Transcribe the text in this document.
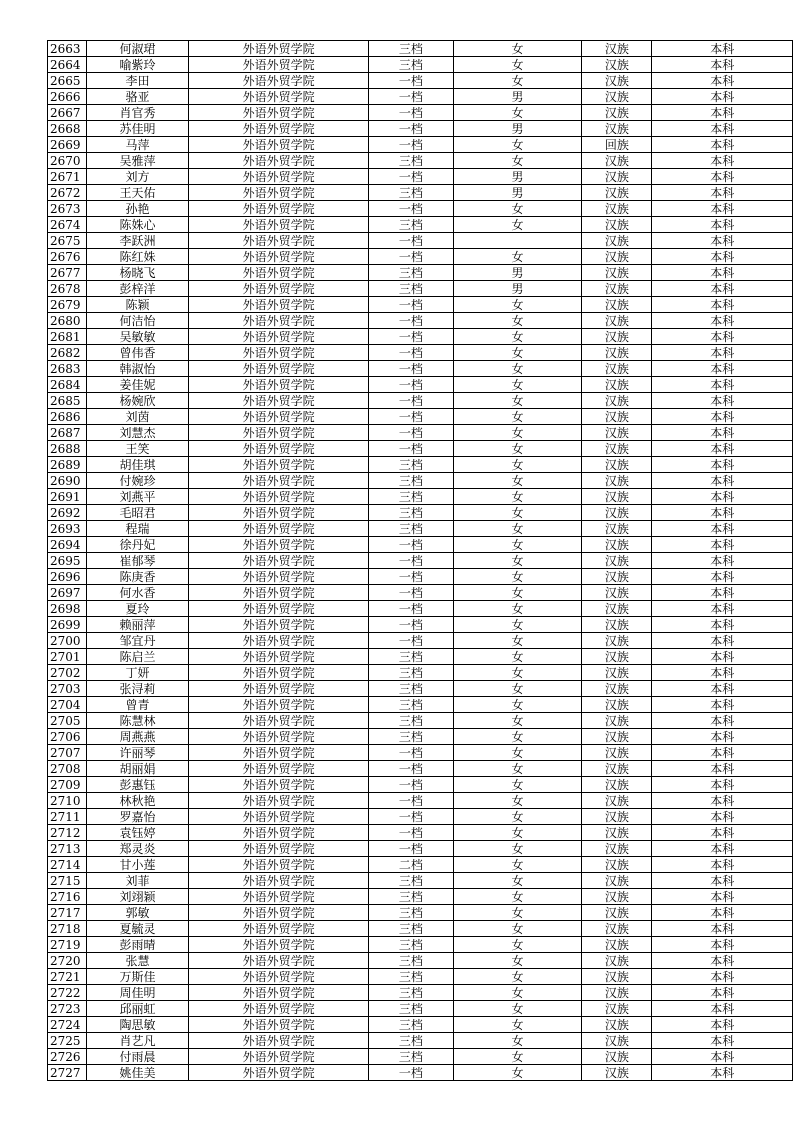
2663	何淑珺	外语外贸学院	三档	女	汉族	本科
2664	喻紫玲	外语外贸学院	三档	女	汉族	本科
2665	李田	外语外贸学院	一档	女	汉族	本科
2666	骆亚	外语外贸学院	一档	男	汉族	本科
2667	肖官秀	外语外贸学院	一档	女	汉族	本科
2668	苏佳明	外语外贸学院	一档	男	汉族	本科
2669	马萍	外语外贸学院	一档	女	回族	本科
2670	吴雅萍	外语外贸学院	三档	女	汉族	本科
2671	刘方	外语外贸学院	一档	男	汉族	本科
2672	王天佑	外语外贸学院	三档	男	汉族	本科
2673	孙艳	外语外贸学院	一档	女	汉族	本科
2674	陈姝心	外语外贸学院	三档	女	汉族	本科
2675	李跃洲	外语外贸学院	一档		汉族	本科
2676	陈红姝	外语外贸学院	一档	女	汉族	本科
2677	杨晓飞	外语外贸学院	三档	男	汉族	本科
2678	彭梓洋	外语外贸学院	三档	男	汉族	本科
2679	陈颖	外语外贸学院	一档	女	汉族	本科
2680	何洁怡	外语外贸学院	一档	女	汉族	本科
2681	吴敏敏	外语外贸学院	一档	女	汉族	本科
2682	曾伟香	外语外贸学院	一档	女	汉族	本科
2683	韩淑怡	外语外贸学院	一档	女	汉族	本科
2684	姜佳妮	外语外贸学院	一档	女	汉族	本科
2685	杨婉欣	外语外贸学院	一档	女	汉族	本科
2686	刘茵	外语外贸学院	一档	女	汉族	本科
2687	刘慧杰	外语外贸学院	一档	女	汉族	本科
2688	王笑	外语外贸学院	一档	女	汉族	本科
2689	胡佳琪	外语外贸学院	三档	女	汉族	本科
2690	付婉珍	外语外贸学院	三档	女	汉族	本科
2691	刘燕平	外语外贸学院	三档	女	汉族	本科
2692	毛昭君	外语外贸学院	三档	女	汉族	本科
2693	程瑞	外语外贸学院	三档	女	汉族	本科
2694	徐丹妃	外语外贸学院	一档	女	汉族	本科
2695	崔郁琴	外语外贸学院	一档	女	汉族	本科
2696	陈庚香	外语外贸学院	一档	女	汉族	本科
2697	何水香	外语外贸学院	一档	女	汉族	本科
2698	夏玲	外语外贸学院	一档	女	汉族	本科
2699	赖丽萍	外语外贸学院	一档	女	汉族	本科
2700	邹宜丹	外语外贸学院	一档	女	汉族	本科
2701	陈启兰	外语外贸学院	三档	女	汉族	本科
2702	丁妍	外语外贸学院	三档	女	汉族	本科
2703	张浔莉	外语外贸学院	三档	女	汉族	本科
2704	曾青	外语外贸学院	三档	女	汉族	本科
2705	陈慧林	外语外贸学院	三档	女	汉族	本科
2706	周燕燕	外语外贸学院	三档	女	汉族	本科
2707	许丽琴	外语外贸学院	一档	女	汉族	本科
2708	胡丽娟	外语外贸学院	一档	女	汉族	本科
2709	彭惠钰	外语外贸学院	一档	女	汉族	本科
2710	林秋艳	外语外贸学院	一档	女	汉族	本科
2711	罗嘉怡	外语外贸学院	一档	女	汉族	本科
2712	袁钰婷	外语外贸学院	一档	女	汉族	本科
2713	郑灵炎	外语外贸学院	一档	女	汉族	本科
2714	甘小莲	外语外贸学院	二档	女	汉族	本科
2715	刘菲	外语外贸学院	三档	女	汉族	本科
2716	刘翊颖	外语外贸学院	三档	女	汉族	本科
2717	郭敏	外语外贸学院	三档	女	汉族	本科
2718	夏毓灵	外语外贸学院	三档	女	汉族	本科
2719	彭雨晴	外语外贸学院	三档	女	汉族	本科
2720	张慧	外语外贸学院	三档	女	汉族	本科
2721	万斯佳	外语外贸学院	三档	女	汉族	本科
2722	周佳明	外语外贸学院	三档	女	汉族	本科
2723	邱丽虹	外语外贸学院	三档	女	汉族	本科
2724	陶思敏	外语外贸学院	三档	女	汉族	本科
2725	肖艺凡	外语外贸学院	三档	女	汉族	本科
2726	付雨晨	外语外贸学院	三档	女	汉族	本科
2727	姚佳美	外语外贸学院	一档	女	汉族	本科
